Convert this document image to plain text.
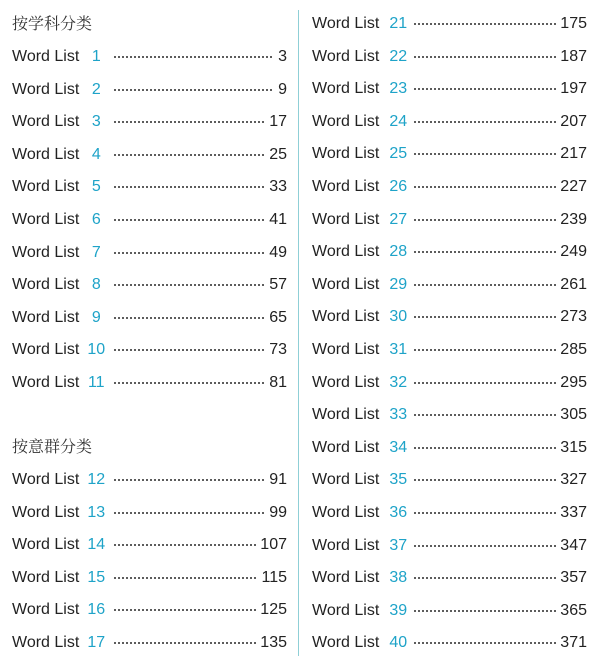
按学科分类
Word List 1	3
Word List 2	9
Word List 3	17
Word List 4	25
Word List 5	33
Word List 6	41
Word List 7	49
Word List 8	57
Word List 9	65
Word List 10	73
Word List 11	81
按意群分类
Word List 12	91
Word List 13	99
Word List 14	107
Word List 15	115
Word List 16	125
Word List 17	135
Word List 21	175
Word List 22	187
Word List 23	197
Word List 24	207
Word List 25	217
Word List 26	227
Word List 27	239
Word List 28	249
Word List 29	261
Word List 30	273
Word List 31	285
Word List 32	295
Word List 33	305
Word List 34	315
Word List 35	327
Word List 36	337
Word List 37	347
Word List 38	357
Word List 39	365
Word List 40	371
